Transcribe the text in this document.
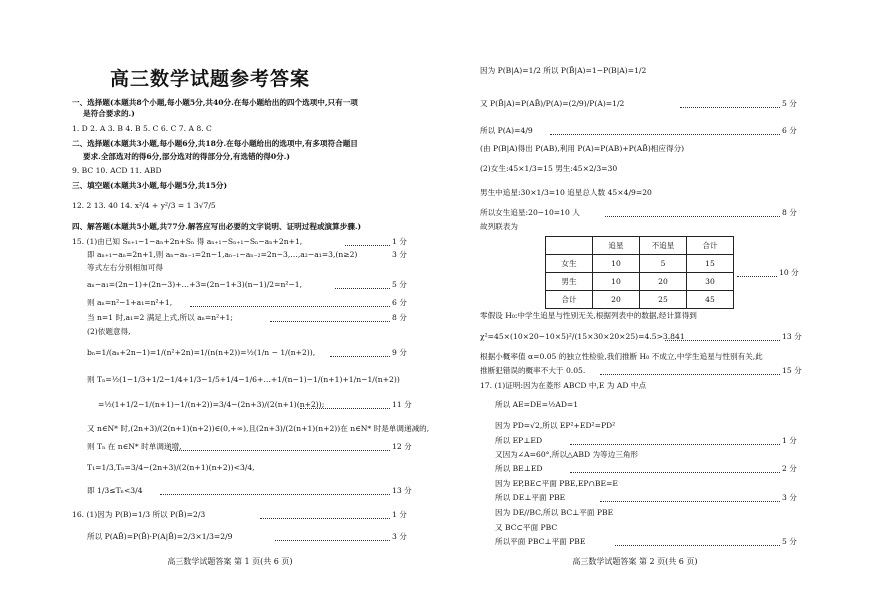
高三数学试题参考答案
一、选择题(本题共8个小题,每小题5分,共40分.在每小题给出的四个选项中,只有一项
是符合要求的.)
1. D 2. A 3. B 4. B 5. C 6. C 7. A 8. C
二、选择题(本题共3小题,每小题6分,共18分.在每小题给出的选项中,有多项符合题目
要求.全部选对的得6分,部分选对的得部分分,有选错的得0分.)
9. BC 10. ACD 11. ABD
三、填空题(本题共3小题,每小题5分,共15分)
12. 2 13. 40 14. x²/4 + y²/3 = 1 3√7/5
四、解答题(本题共5小题,共77分.解答应写出必要的文字说明、证明过程或演算步骤.)
15. (1)由已知 Sₙ₊₁−1−aₙ+2n+Sₙ 得 aₙ₊₁−Sₙ₊₁−Sₙ−aₙ+2n+1,	1 分
即 aₙ₊₁−aₙ=2n+1,则 aₙ−aₙ₋₁=2n−1,aₙ₋₁−aₙ₋₂=2n−3,…,a₂−a₁=3,(n≥2)	3 分
等式左右分别相加可得
aₙ−a₁=(2n−1)+(2n−3)+…+3=(2n−1+3)(n−1)/2=n²−1,	5 分
则 aₙ=n²−1+a₁=n²+1,	6 分
当 n=1 时,a₁=2 满足上式,所以 aₙ=n²+1;	8 分
(2)依题意得,
bₙ=1/(aₙ+2n−1)=1/(n²+2n)=1/(n(n+2))=½(1/n − 1/(n+2)),	9 分
则 Tₙ=½(1−1/3+1/2−1/4+1/3−1/5+1/4−1/6+…+1/(n−1)−1/(n+1)+1/n−1/(n+2))
=½(1+1/2−1/(n+1)−1/(n+2))=3/4−(2n+3)/(2(n+1)(n+2));	11 分
又 n∈N* 时,(2n+3)/(2(n+1)(n+2))∈(0,+∞),且(2n+3)/(2(n+1)(n+2))在 n∈N* 时是单调递减的,
则 Tₙ 在 n∈N* 时单调递增,	12 分
T₁=1/3,Tₙ=3/4−(2n+3)/(2(n+1)(n+2))<3/4,
即 1/3≤Tₙ<3/4	13 分
16. (1)因为 P(B)=1/3 所以 P(B̄)=2/3	1 分
所以 P(AB̄)=P(B̄)·P(A|B̄)=2/3×1/3=2/9	3 分
高三数学试题答案 第 1 页(共 6 页)
因为 P(B|A)=1/2 所以 P(B̄|A)=1−P(B|A)=1/2
又 P(B̄|A)=P(AB̄)/P(A)=(2/9)/P(A)=1/2	5 分
所以 P(A)=4/9	6 分
(由 P(B|A)得出 P(AB),利用 P(A)=P(AB)+P(AB̄)相应得分)
(2)女生:45×1/3=15 男生:45×2/3=30
男生中追星:30×1/3=10 追星总人数 45×4/9=20
所以女生追星:20−10=10 人	8 分
故列联表为
	追星	不追星	合计
女生	10	5	15
男生	10	20	30
合计	20	25	45
10 分
零假设 H₀:中学生追星与性别无关,根据列表中的数据,经计算得到
χ²=45×(10×20−10×5)²/(15×30×20×25)=4.5>3.841	13 分
根据小概率值 α=0.05 的独立性检验,我们推断 H₀ 不成立,中学生追星与性别有关,此
推断犯错误的概率不大于 0.05.	15 分
17. (1)证明:因为在菱形 ABCD 中,E 为 AD 中点
所以 AE=DE=½AD=1
因为 PD=√2,所以 EP²+ED²=PD²
所以 EP⊥ED	1 分
又因为∠A=60°,所以△ABD 为等边三角形
所以 BE⊥ED	2 分
因为 EP,BE⊂平面 PBE,EP∩BE=E
所以 DE⊥平面 PBE	3 分
因为 DE//BC,所以 BC⊥平面 PBE
又 BC⊂平面 PBC
所以平面 PBC⊥平面 PBE	5 分
高三数学试题答案 第 2 页(共 6 页)
